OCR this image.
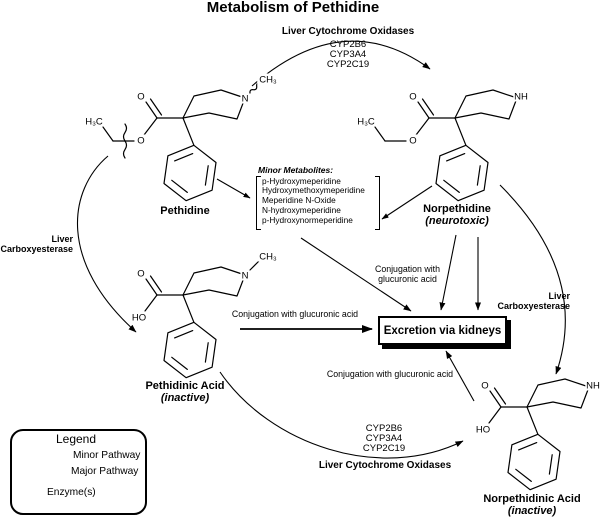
O
O
H₃C
N
CH₃
O
O
H₃C
NH
O
HO
N
CH₃
O
HO
NH
Metabolism of Pethidine
Liver Cytochrome Oxidases
CYP2B6
CYP3A4
CYP2C19
Pethidine	Norpethidine
(neurotoxic)
Pethidinic Acid
(inactive)
Norpethidinic Acid
(inactive)
Minor Metabolites:
p-Hydroxymeperidine
Hydroxymethoxymeperidine
Meperidine N-Oxide
N-hydroxymeperidine
p-Hydroxynormeperidine
Liver
Carboxyesterase
Liver
Carboxyesterase
Conjugation with glucuronic acid
Conjugation with
glucuronic acid
Conjugation with glucuronic acid
Excretion via kidneys
CYP2B6
CYP3A4
CYP2C19
Liver Cytochrome Oxidases
Legend
Minor Pathway
Major Pathway
Enzyme(s)
